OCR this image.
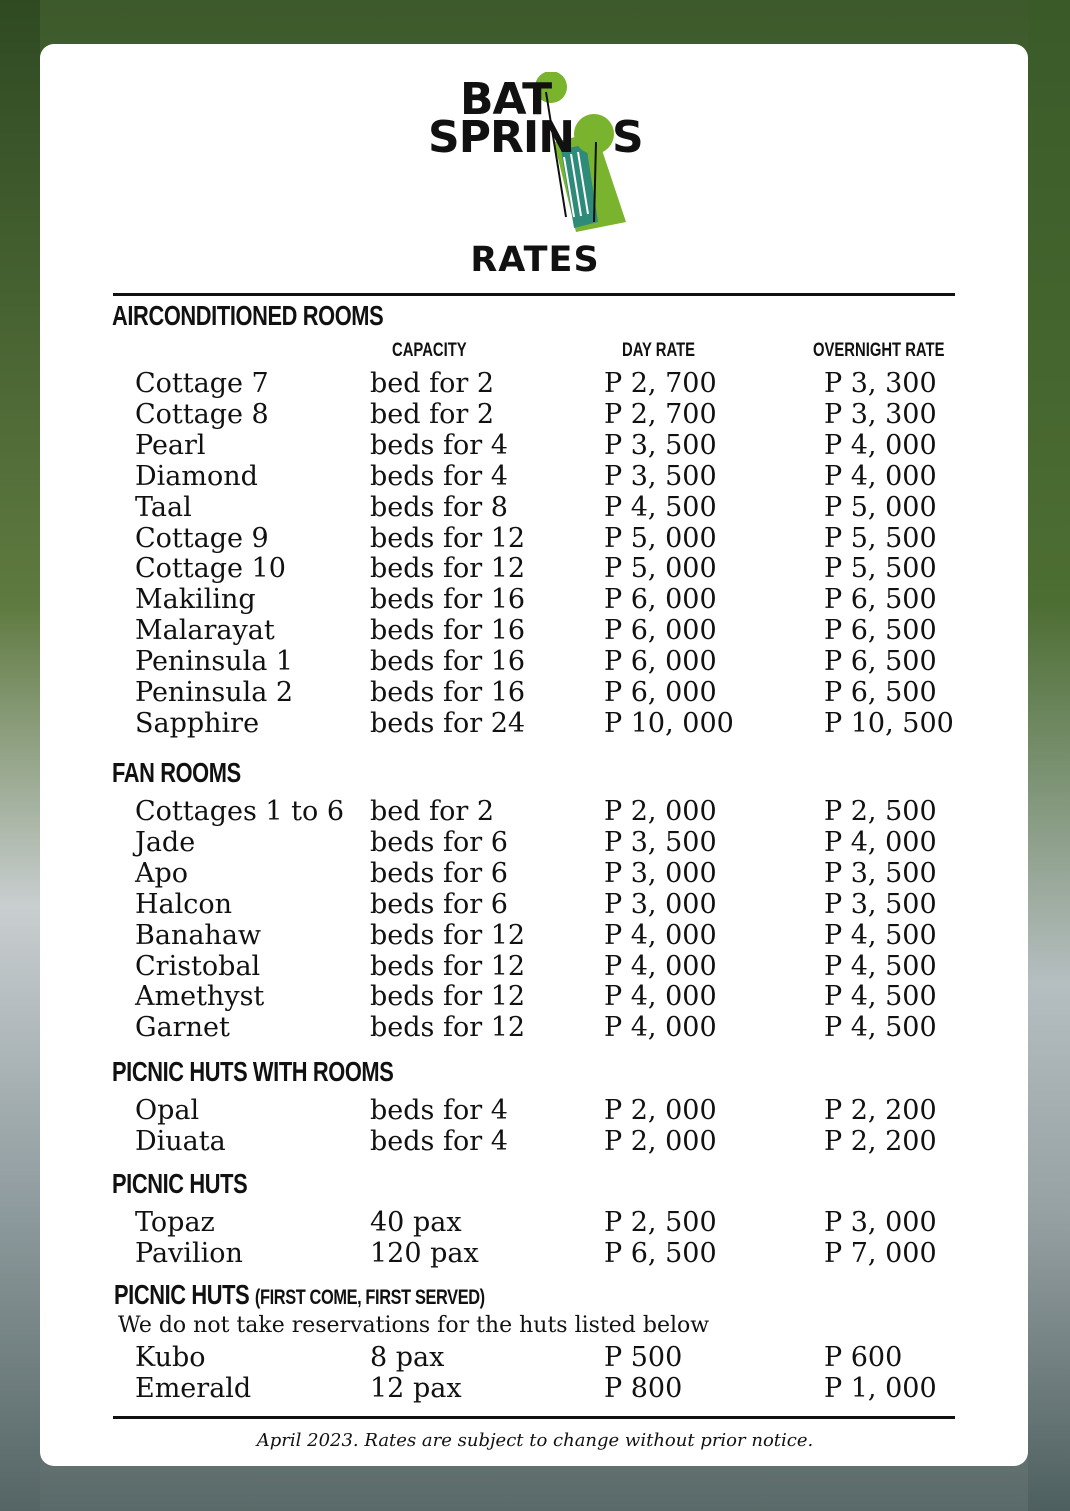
BAT
SPRIN S
RATES
AIRCONDITIONED ROOMS
CAPACITY	DAY RATE	OVERNIGHT RATE
FAN ROOMS
PICNIC HUTS WITH ROOMS
PICNIC HUTS
PICNIC HUTS (FIRST COME, FIRST SERVED)
We do not take reservations for the huts listed below
Cottage 7	bed for 2	P 2, 700	P 3, 300
Cottage 8	bed for 2	P 2, 700	P 3, 300
Pearl	beds for 4	P 3, 500	P 4, 000
Diamond	beds for 4	P 3, 500	P 4, 000
Taal	beds for 8	P 4, 500	P 5, 000
Cottage 9	beds for 12	P 5, 000	P 5, 500
Cottage 10	beds for 12	P 5, 000	P 5, 500
Makiling	beds for 16	P 6, 000	P 6, 500
Malarayat	beds for 16	P 6, 000	P 6, 500
Peninsula 1	beds for 16	P 6, 000	P 6, 500
Peninsula 2	beds for 16	P 6, 000	P 6, 500
Sapphire	beds for 24	P 10, 000	P 10, 500
Cottages 1 to 6 bed for 2	P 2, 000	P 2, 500
Jade	beds for 6	P 3, 500	P 4, 000
Apo	beds for 6	P 3, 000	P 3, 500
Halcon	beds for 6	P 3, 000	P 3, 500
Banahaw	beds for 12	P 4, 000	P 4, 500
Cristobal	beds for 12	P 4, 000	P 4, 500
Amethyst	beds for 12	P 4, 000	P 4, 500
Garnet	beds for 12	P 4, 000	P 4, 500
Opal	beds for 4	P 2, 000	P 2, 200
Diuata	beds for 4	P 2, 000	P 2, 200
Topaz	40 pax	P 2, 500	P 3, 000
Pavilion	120 pax	P 6, 500	P 7, 000
Kubo	8 pax	P 500	P 600
Emerald	12 pax	P 800	P 1, 000
April 2023. Rates are subject to change without prior notice.
